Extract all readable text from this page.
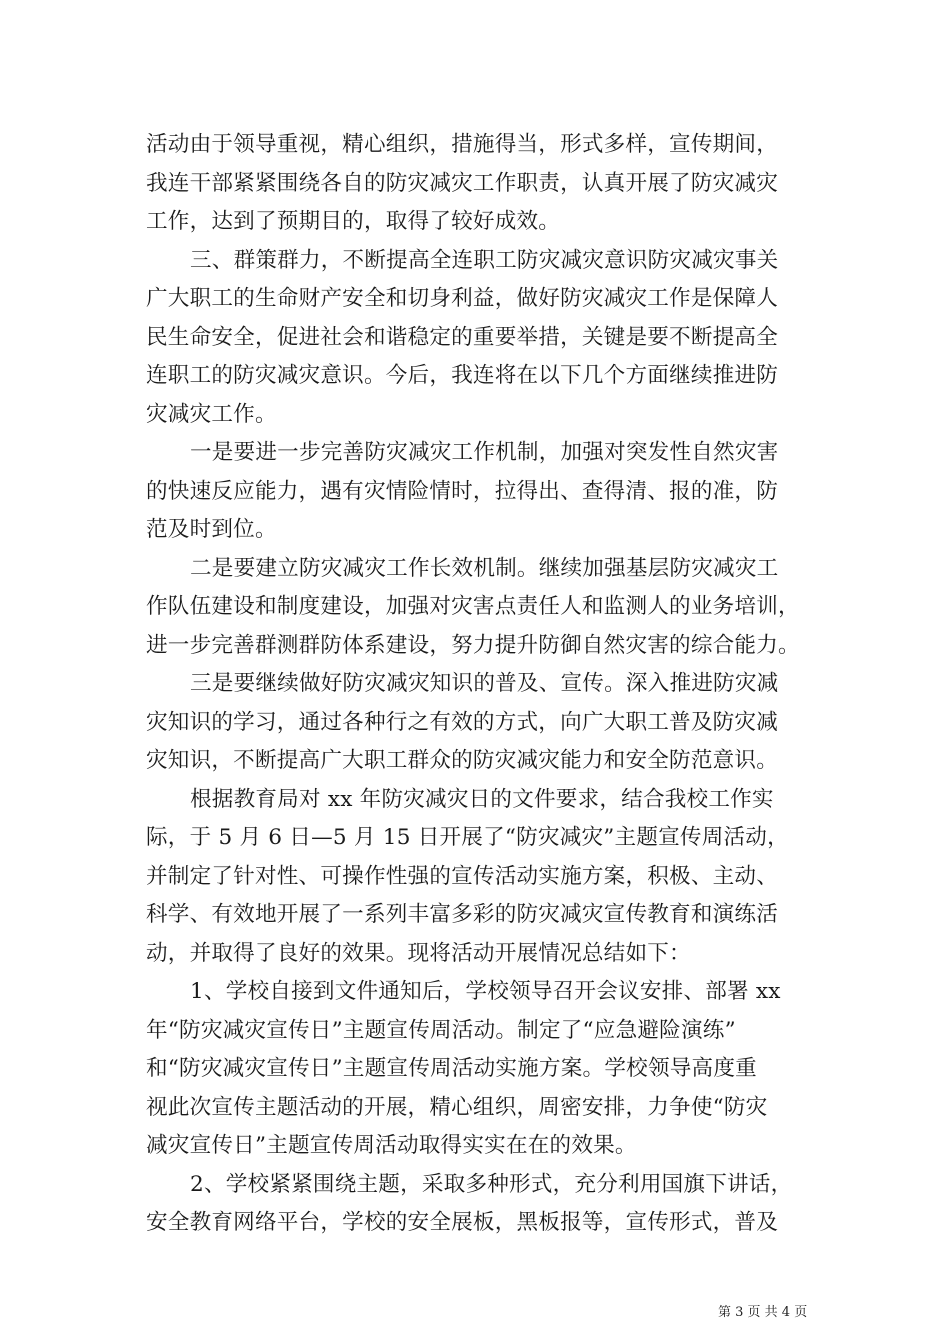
活动由于领导重视，精心组织，措施得当，形式多样，宣传期间，
我连干部紧紧围绕各自的防灾减灾工作职责，认真开展了防灾减灾
工作，达到了预期目的，取得了较好成效。
三、群策群力，不断提高全连职工防灾减灾意识防灾减灾事关
广大职工的生命财产安全和切身利益，做好防灾减灾工作是保障人
民生命安全，促进社会和谐稳定的重要举措，关键是要不断提高全
连职工的防灾减灾意识。今后，我连将在以下几个方面继续推进防
灾减灾工作。
一是要进一步完善防灾减灾工作机制，加强对突发性自然灾害
的快速反应能力，遇有灾情险情时，拉得出、查得清、报的准，防
范及时到位。
二是要建立防灾减灾工作长效机制。继续加强基层防灾减灾工
作队伍建设和制度建设，加强对灾害点责任人和监测人的业务培训，
进一步完善群测群防体系建设，努力提升防御自然灾害的综合能力。
三是要继续做好防灾减灾知识的普及、宣传。深入推进防灾减
灾知识的学习，通过各种行之有效的方式，向广大职工普及防灾减
灾知识，不断提高广大职工群众的防灾减灾能力和安全防范意识。
根据教育局对 xx 年防灾减灾日的文件要求，结合我校工作实
际，于 5 月 6 日—5 月 15 日开展了“防灾减灾”主题宣传周活动，
并制定了针对性、可操作性强的宣传活动实施方案，积极、主动、
科学、有效地开展了一系列丰富多彩的防灾减灾宣传教育和演练活
动，并取得了良好的效果。现将活动开展情况总结如下：
1、学校自接到文件通知后，学校领导召开会议安排、部署 xx
年“防灾减灾宣传日”主题宣传周活动。制定了“应急避险演练”
和“防灾减灾宣传日”主题宣传周活动实施方案。学校领导高度重
视此次宣传主题活动的开展，精心组织，周密安排，力争使“防灾
减灾宣传日”主题宣传周活动取得实实在在的效果。
2、学校紧紧围绕主题，采取多种形式，充分利用国旗下讲话，
安全教育网络平台，学校的安全展板，黑板报等，宣传形式，普及
第 3 页 共 4 页
